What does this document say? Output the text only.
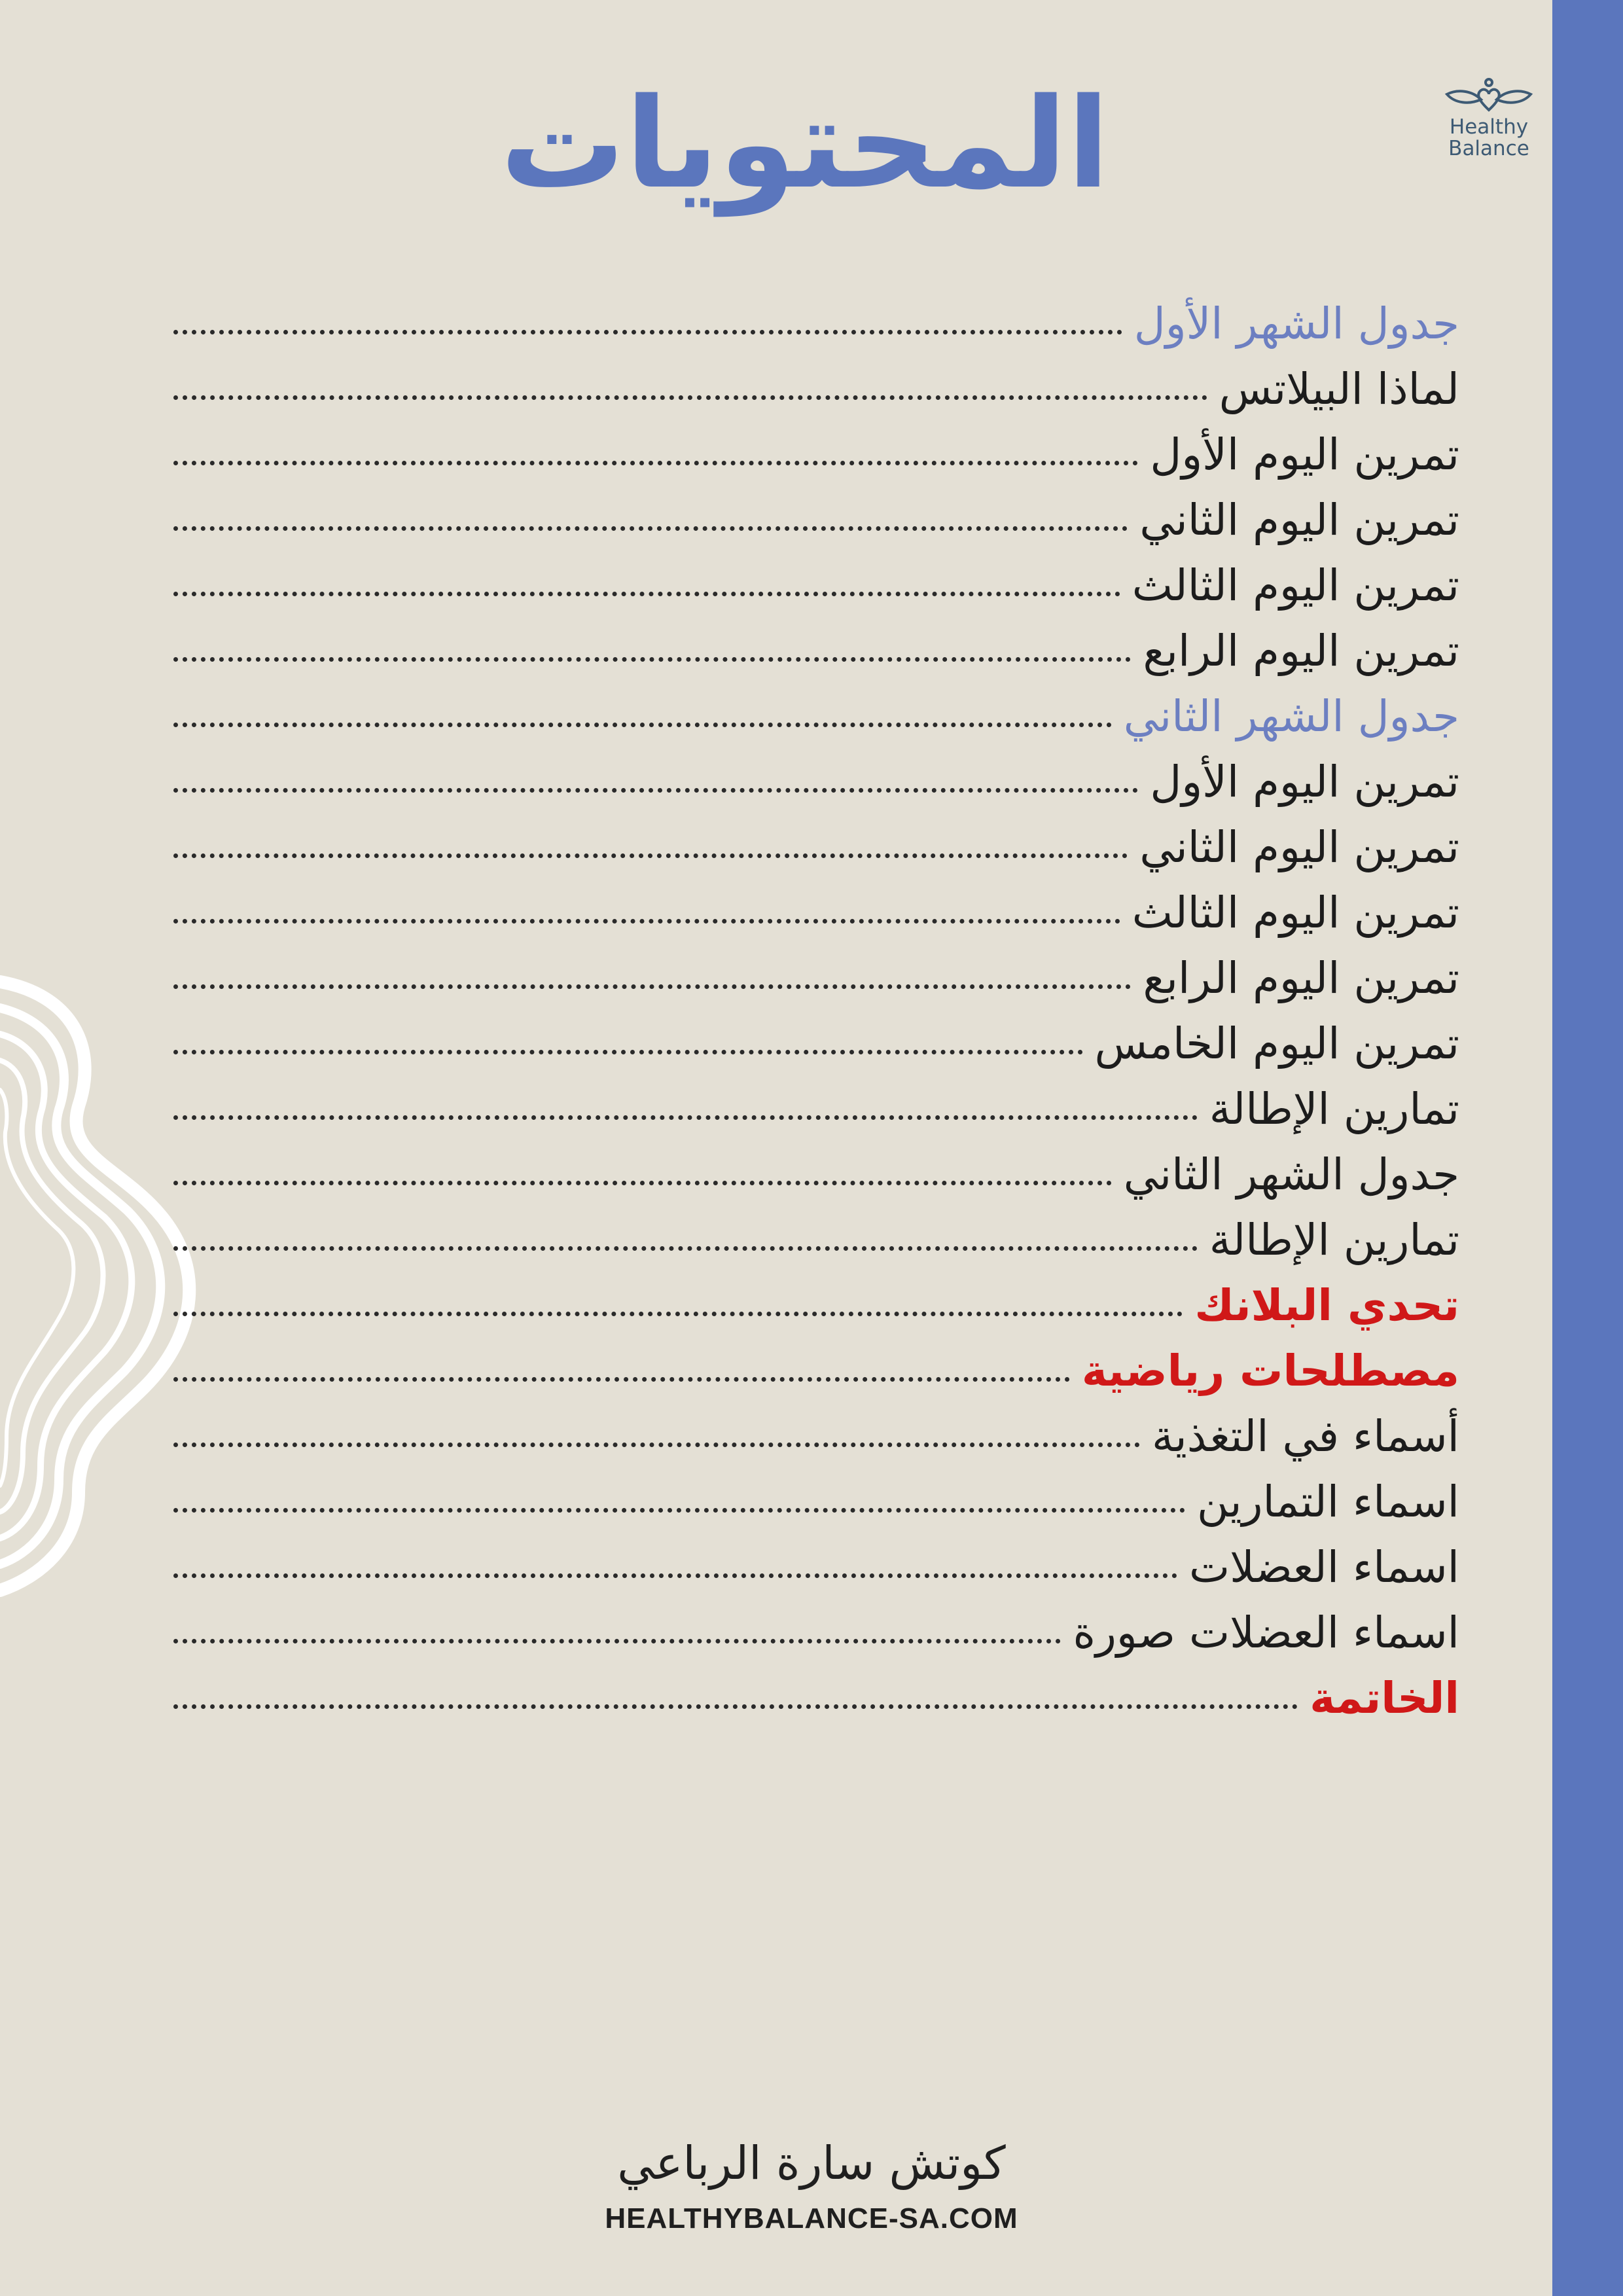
Healthy
Balance
المحتويات
جدول الشهر الأول
لماذا البيلاتس
تمرين اليوم الأول
تمرين اليوم الثاني
تمرين اليوم الثالث
تمرين اليوم الرابع
جدول الشهر الثاني
تمرين اليوم الأول
تمرين اليوم الثاني
تمرين اليوم الثالث
تمرين اليوم الرابع
تمرين اليوم الخامس
تمارين الإطالة
جدول الشهر الثاني
تمارين الإطالة
تحدي البلانك
مصطلحات رياضية
أسماء في التغذية
اسماء التمارين
اسماء العضلات
اسماء العضلات صورة
الخاتمة
كوتش سارة الرباعي
HEALTHYBALANCE-SA.COM
